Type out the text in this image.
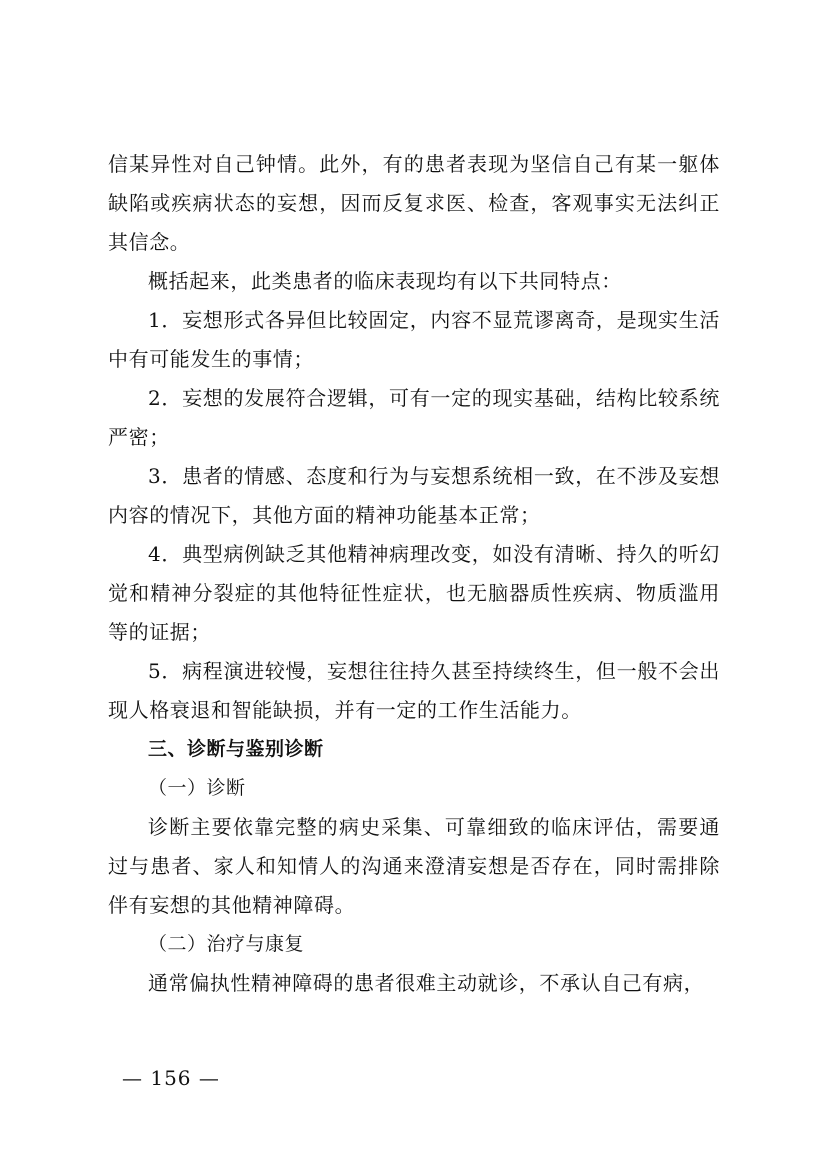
信某异性对自己钟情。此外，有的患者表现为坚信自己有某一躯体缺陷或疾病状态的妄想，因而反复求医、检查，客观事实无法纠正其信念。

概括起来，此类患者的临床表现均有以下共同特点：

1．妄想形式各异但比较固定，内容不显荒谬离奇，是现实生活中有可能发生的事情；

2．妄想的发展符合逻辑，可有一定的现实基础，结构比较系统严密；

3．患者的情感、态度和行为与妄想系统相一致，在不涉及妄想内容的情况下，其他方面的精神功能基本正常；

4．典型病例缺乏其他精神病理改变，如没有清晰、持久的听幻觉和精神分裂症的其他特征性症状，也无脑器质性疾病、物质滥用等的证据；

5．病程演进较慢，妄想往往持久甚至持续终生，但一般不会出现人格衰退和智能缺损，并有一定的工作生活能力。

三、诊断与鉴别诊断

（一）诊断

诊断主要依靠完整的病史采集、可靠细致的临床评估，需要通过与患者、家人和知情人的沟通来澄清妄想是否存在，同时需排除伴有妄想的其他精神障碍。

（二）治疗与康复

通常偏执性精神障碍的患者很难主动就诊，不承认自己有病，

— 156 —
